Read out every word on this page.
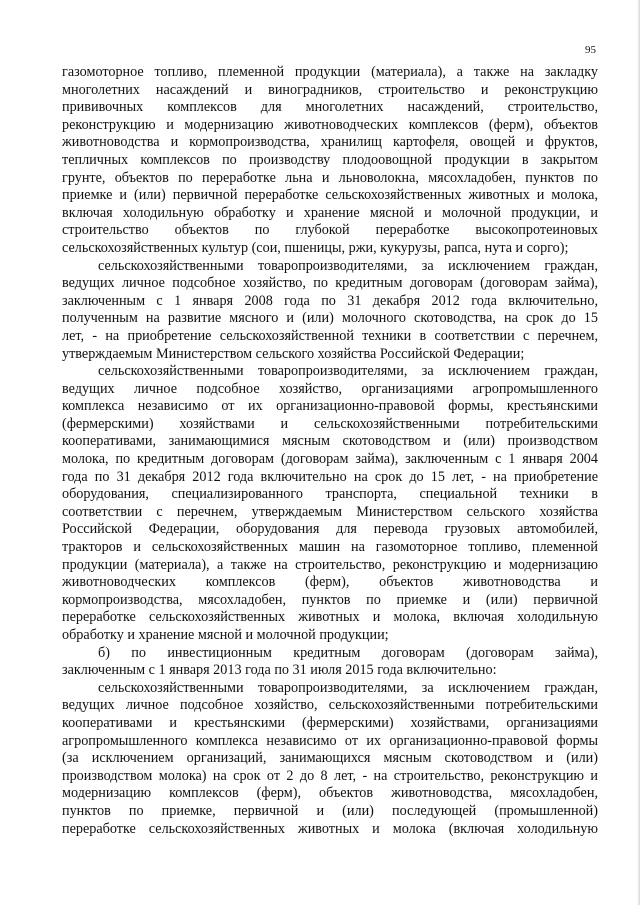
95
газомоторное топливо, племенной продукции (материала), а также на закладку
многолетних насаждений и виноградников, строительство и реконструкцию
прививочных комплексов для многолетних насаждений, строительство,
реконструкцию и модернизацию животноводческих комплексов (ферм), объектов
животноводства и кормопроизводства, хранилищ картофеля, овощей и фруктов,
тепличных комплексов по производству плодоовощной продукции в закрытом
грунте, объектов по переработке льна и льноволокна, мясохладобен, пунктов по
приемке и (или) первичной переработке сельскохозяйственных животных и молока,
включая холодильную обработку и хранение мясной и молочной продукции, и
строительство объектов по глубокой переработке высокопротеиновых
сельскохозяйственных культур (сои, пшеницы, ржи, кукурузы, рапса, нута и сорго);
сельскохозяйственными товаропроизводителями, за исключением граждан,
ведущих личное подсобное хозяйство, по кредитным договорам (договорам займа),
заключенным с 1 января 2008 года по 31 декабря 2012 года включительно,
полученным на развитие мясного и (или) молочного скотоводства, на срок до 15
лет, - на приобретение сельскохозяйственной техники в соответствии с перечнем,
утверждаемым Министерством сельского хозяйства Российской Федерации;
сельскохозяйственными товаропроизводителями, за исключением граждан,
ведущих личное подсобное хозяйство, организациями агропромышленного
комплекса независимо от их организационно-правовой формы, крестьянскими
(фермерскими) хозяйствами и сельскохозяйственными потребительскими
кооперативами, занимающимися мясным скотоводством и (или) производством
молока, по кредитным договорам (договорам займа), заключенным с 1 января 2004
года по 31 декабря 2012 года включительно на срок до 15 лет, - на приобретение
оборудования, специализированного транспорта, специальной техники в
соответствии с перечнем, утверждаемым Министерством сельского хозяйства
Российской Федерации, оборудования для перевода грузовых автомобилей,
тракторов и сельскохозяйственных машин на газомоторное топливо, племенной
продукции (материала), а также на строительство, реконструкцию и модернизацию
животноводческих комплексов (ферм), объектов животноводства и
кормопроизводства, мясохладобен, пунктов по приемке и (или) первичной
переработке сельскохозяйственных животных и молока, включая холодильную
обработку и хранение мясной и молочной продукции;
б) по инвестиционным кредитным договорам (договорам займа),
заключенным с 1 января 2013 года по 31 июля 2015 года включительно:
сельскохозяйственными товаропроизводителями, за исключением граждан,
ведущих личное подсобное хозяйство, сельскохозяйственными потребительскими
кооперативами и крестьянскими (фермерскими) хозяйствами, организациями
агропромышленного комплекса независимо от их организационно-правовой формы
(за исключением организаций, занимающихся мясным скотоводством и (или)
производством молока) на срок от 2 до 8 лет, - на строительство, реконструкцию и
модернизацию комплексов (ферм), объектов животноводства, мясохладобен,
пунктов по приемке, первичной и (или) последующей (промышленной)
переработке сельскохозяйственных животных и молока (включая холодильную
